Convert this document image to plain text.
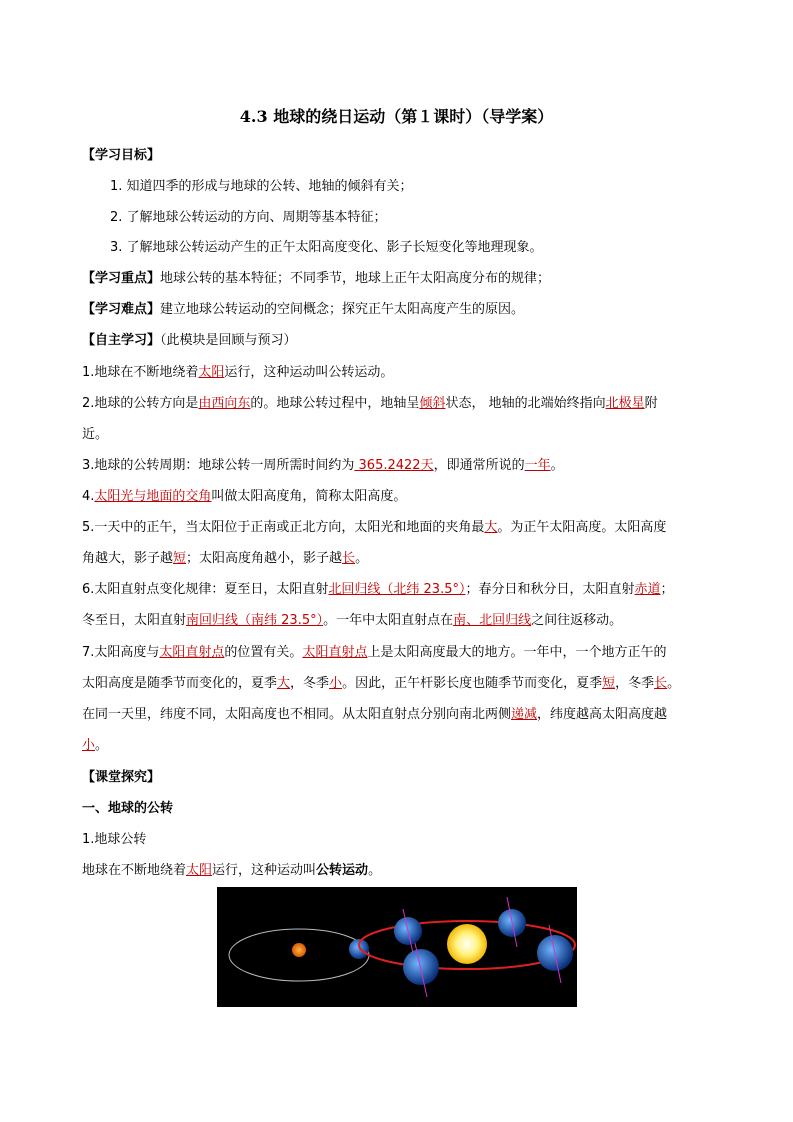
4.3 地球的绕日运动（第１课时）（导学案）
【学习目标】
1. 知道四季的形成与地球的公转、地轴的倾斜有关；
2. 了解地球公转运动的方向、周期等基本特征；
3. 了解地球公转运动产生的正午太阳高度变化、影子长短变化等地理现象。
【学习重点】地球公转的基本特征；不同季节，地球上正午太阳高度分布的规律；
【学习难点】建立地球公转运动的空间概念；探究正午太阳高度产生的原因。
【自主学习】（此模块是回顾与预习）
1.地球在不断地绕着太阳运行，这种运动叫公转运动。
2.地球的公转方向是由西向东的。地球公转过程中，地轴呈倾斜状态， 地轴的北端始终指向北极星附
近。
3.地球的公转周期：地球公转一周所需时间约为 365.2422天，即通常所说的一年。
4.太阳光与地面的交角叫做太阳高度角，简称太阳高度。
5.一天中的正午，当太阳位于正南或正北方向，太阳光和地面的夹角最大。为正午太阳高度。太阳高度
角越大，影子越短；太阳高度角越小，影子越长。
6.太阳直射点变化规律：夏至日，太阳直射北回归线（北纬 23.5°）；春分日和秋分日，太阳直射赤道；
冬至日，太阳直射南回归线（南纬 23.5°）。一年中太阳直射点在南、北回归线之间往返移动。
7.太阳高度与太阳直射点的位置有关。太阳直射点上是太阳高度最大的地方。一年中，一个地方正午的
太阳高度是随季节而变化的，夏季大，冬季小。因此，正午杆影长度也随季节而变化，夏季短，冬季长。
在同一天里，纬度不同，太阳高度也不相同。从太阳直射点分别向南北两侧递减，纬度越高太阳高度越
小。
【课堂探究】
一、地球的公转
1.地球公转
地球在不断地绕着太阳运行，这种运动叫公转运动。
